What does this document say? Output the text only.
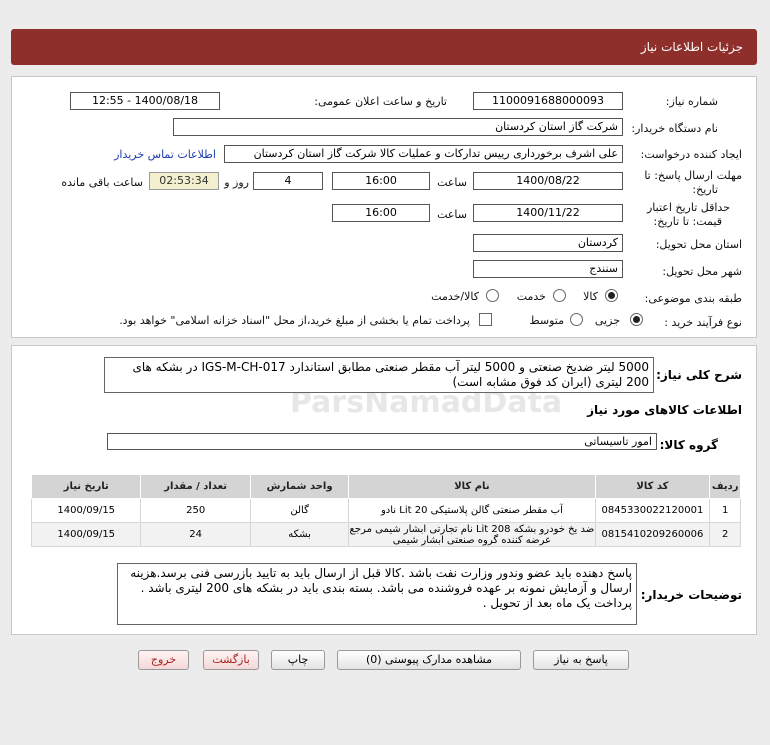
جزئیات اطلاعات نیاز
شماره نیاز:
1100091688000093
تاریخ و ساعت اعلان عمومی:
1400/08/18 - 12:55
نام دستگاه خریدار:
شرکت گاز استان کردستان
ایجاد کننده درخواست:
علی اشرف برخورداری رییس تدارکات و عملیات کالا شرکت گاز استان کردستان
اطلاعات تماس خریدار
مهلت ارسال پاسخ: تا
تاریخ:
1400/08/22
ساعت
16:00
4
روز و
02:53:34
ساعت باقی مانده
حداقل تاریخ اعتبار
قیمت: تا تاریخ:
1400/11/22
ساعت
16:00
استان محل تحویل:
کردستان
شهر محل تحویل:
سنندج
طبقه بندی موضوعی:
کالا
خدمت
کالا/خدمت
نوع فرآیند خرید :
جزیی
متوسط
پرداخت تمام یا بخشی از مبلغ خرید،از محل "اسناد خزانه اسلامی" خواهد بود.
شرح کلی نیاز:
5000 لیتر ضدیخ صنعتی و 5000 لیتر آب مقطر صنعتی مطابق استاندارد IGS-M-CH-017 در بشکه های 200 لیتری (ایران کد فوق مشابه است)
اطلاعات کالاهای مورد نیاز
گروه کالا:
امور تاسیساتی
ردیف	کد کالا	نام کالا	واحد شمارش	تعداد / مقدار	تاریخ نیاز
1	0845330022120001	آب مقطر صنعتی گالن پلاستیکی 20 Lit نادو	گالن	250	1400/09/15
2	0815410209260006	ضد یخ خودرو بشکه 208 Lit نام تجارتی ابشار شیمی مرجع عرضه کننده گروه صنعتی ابشار شیمی	بشکه	24	1400/09/15
توضیحات خریدار:
پاسخ دهنده باید عضو وندور وزارت نفت باشد .کالا قبل از ارسال باید به تایید بازرسی فنی برسد.هزینه ارسال و آزمایش نمونه بر عهده فروشنده می باشد. بسته بندی باید در بشکه های 200 لیتری باشد . پرداخت یک ماه بعد از تحویل .
پاسخ به نیاز
مشاهده مدارک پیوستی (0)
چاپ
بازگشت
خروج
